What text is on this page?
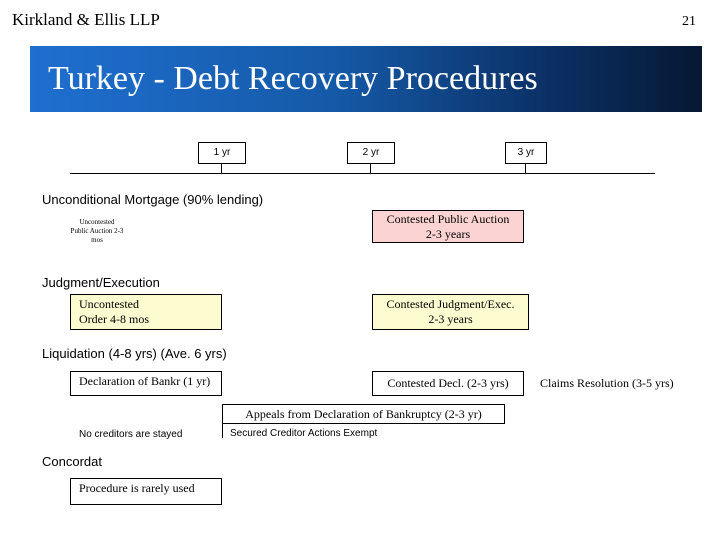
Kirkland & Ellis LLP	21
Turkey - Debt Recovery Procedures
1 yr	2 yr	3 yr
Unconditional Mortgage (90% lending)
Uncontested Public Auction 2-3 mos
Contested Public Auction
2-3 years
Judgment/Execution
Uncontested
Order 4-8 mos
Contested Judgment/Exec.
2-3 years
Liquidation (4-8 yrs) (Ave. 6 yrs)
Declaration of Bankr (1 yr)	Contested Decl. (2-3 yrs)	Claims Resolution (3-5 yrs)
Appeals from Declaration of Bankruptcy (2-3 yr)
No creditors are stayed	Secured Creditor Actions Exempt
Concordat
Procedure is rarely used
